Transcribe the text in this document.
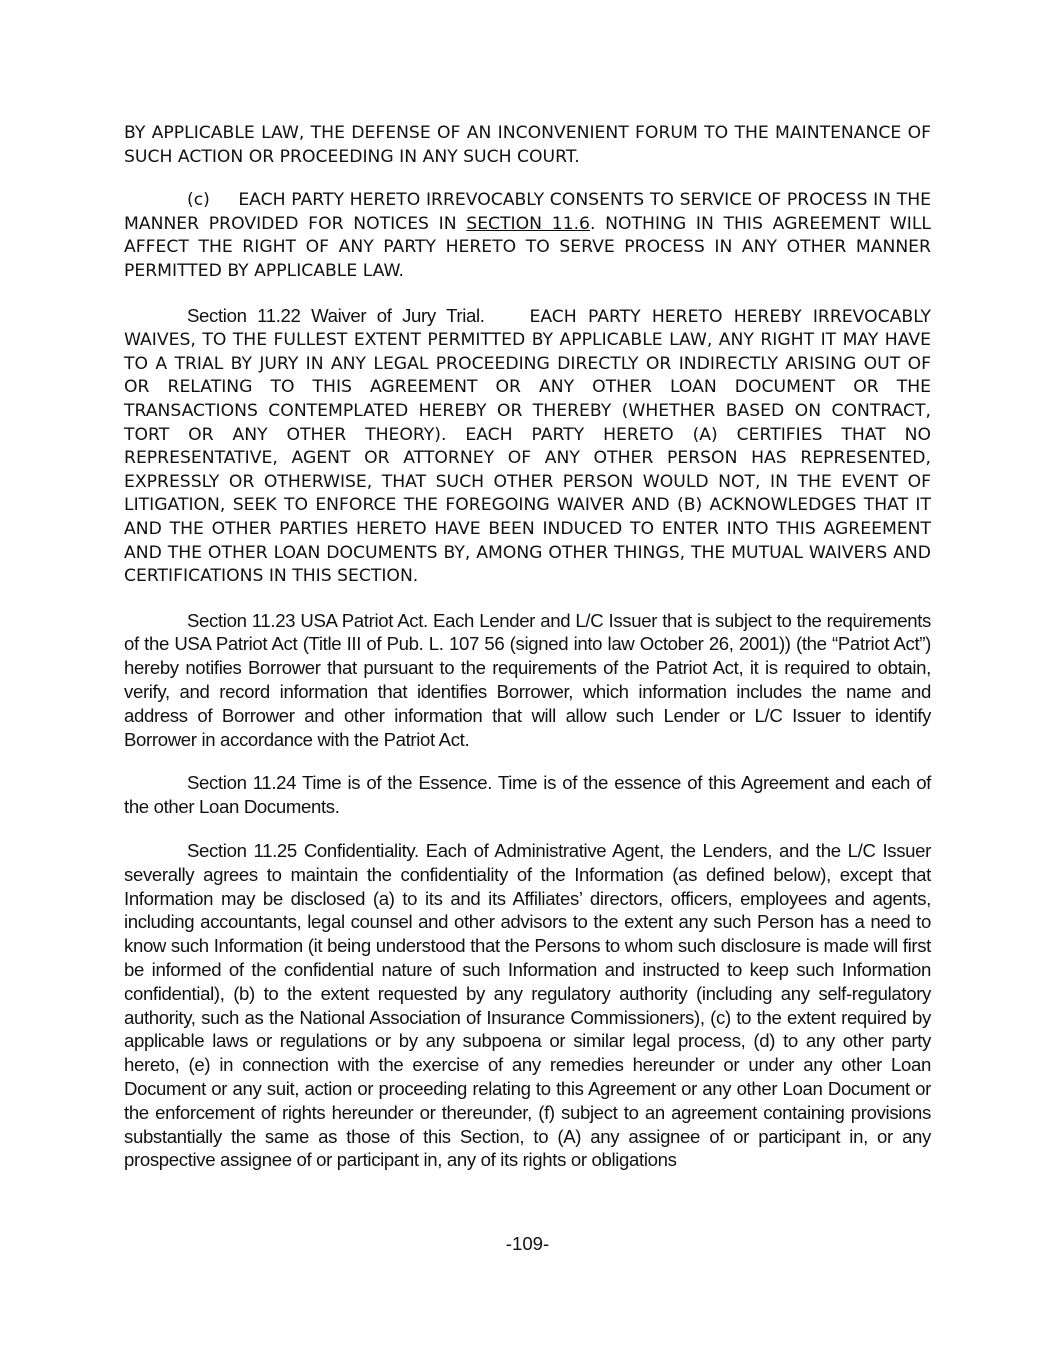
BY APPLICABLE LAW, THE DEFENSE OF AN INCONVENIENT FORUM TO THE MAINTENANCE OF SUCH ACTION OR PROCEEDING IN ANY SUCH COURT.

(c)     EACH PARTY HERETO IRREVOCABLY CONSENTS TO SERVICE OF PROCESS IN THE MANNER PROVIDED FOR NOTICES IN SECTION 11.6. NOTHING IN THIS AGREEMENT WILL AFFECT THE RIGHT OF ANY PARTY HERETO TO SERVE PROCESS IN ANY OTHER MANNER PERMITTED BY APPLICABLE LAW.

Section 11.22 Waiver of Jury Trial.	EACH PARTY HERETO HEREBY IRREVOCABLY WAIVES, TO THE FULLEST EXTENT PERMITTED BY APPLICABLE LAW, ANY RIGHT IT MAY HAVE TO A TRIAL BY JURY IN ANY LEGAL PROCEEDING DIRECTLY OR INDIRECTLY ARISING OUT OF OR RELATING TO THIS AGREEMENT OR ANY OTHER LOAN DOCUMENT OR THE TRANSACTIONS CONTEMPLATED HEREBY OR THEREBY (WHETHER BASED ON CONTRACT, TORT OR ANY OTHER THEORY). EACH PARTY HERETO (A) CERTIFIES THAT NO REPRESENTATIVE, AGENT OR ATTORNEY OF ANY OTHER PERSON HAS REPRESENTED, EXPRESSLY OR OTHERWISE, THAT SUCH OTHER PERSON WOULD NOT, IN THE EVENT OF LITIGATION, SEEK TO ENFORCE THE FOREGOING WAIVER AND (B) ACKNOWLEDGES THAT IT AND THE OTHER PARTIES HERETO HAVE BEEN INDUCED TO ENTER INTO THIS AGREEMENT AND THE OTHER LOAN DOCUMENTS BY, AMONG OTHER THINGS, THE MUTUAL WAIVERS AND CERTIFICATIONS IN THIS SECTION.

Section 11.23 USA Patriot Act. Each Lender and L/C Issuer that is subject to the requirements of the USA Patriot Act (Title III of Pub. L. 107 56 (signed into law October 26, 2001)) (the “Patriot Act”) hereby notifies Borrower that pursuant to the requirements of the Patriot Act, it is required to obtain, verify, and record information that identifies Borrower, which information includes the name and address of Borrower and other information that will allow such Lender or L/C Issuer to identify Borrower in accordance with the Patriot Act.

Section 11.24 Time is of the Essence. Time is of the essence of this Agreement and each of the other Loan Documents.

Section 11.25 Confidentiality. Each of Administrative Agent, the Lenders, and the L/C Issuer severally agrees to maintain the confidentiality of the Information (as defined below), except that Information may be disclosed (a) to its and its Affiliates’ directors, officers, employees and agents, including accountants, legal counsel and other advisors to the extent any such Person has a need to know such Information (it being understood that the Persons to whom such disclosure is made will first be informed of the confidential nature of such Information and instructed to keep such Information confidential), (b) to the extent requested by any regulatory authority (including any self-regulatory authority, such as the National Association of Insurance Commissioners), (c) to the extent required by applicable laws or regulations or by any subpoena or similar legal process, (d) to any other party hereto, (e) in connection with the exercise of any remedies hereunder or under any other Loan Document or any suit, action or proceeding relating to this Agreement or any other Loan Document or the enforcement of rights hereunder or thereunder, (f) subject to an agreement containing provisions substantially the same as those of this Section, to (A) any assignee of or participant in, or any prospective assignee of or participant in, any of its rights or obligations

-109-
